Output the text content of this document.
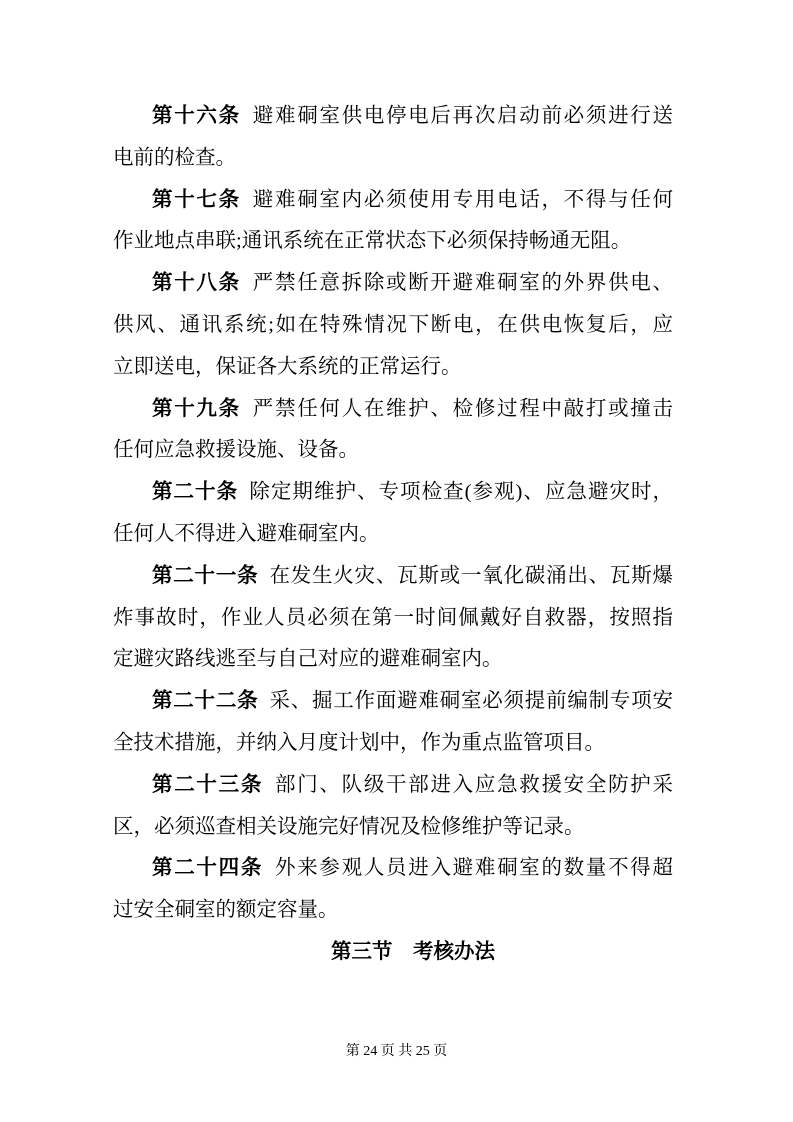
第十六条 避难硐室供电停电后再次启动前必须进行送
电前的检查。
第十七条 避难硐室内必须使用专用电话，不得与任何
作业地点串联;通讯系统在正常状态下必须保持畅通无阻。
第十八条 严禁任意拆除或断开避难硐室的外界供电、
供风、通讯系统;如在特殊情况下断电，在供电恢复后，应
立即送电，保证各大系统的正常运行。
第十九条 严禁任何人在维护、检修过程中敲打或撞击
任何应急救援设施、设备。
第二十条 除定期维护、专项检查(参观)、应急避灾时，
任何人不得进入避难硐室内。
第二十一条 在发生火灾、瓦斯或一氧化碳涌出、瓦斯爆
炸事故时，作业人员必须在第一时间佩戴好自救器，按照指
定避灾路线逃至与自己对应的避难硐室内。
第二十二条 采、掘工作面避难硐室必须提前编制专项安
全技术措施，并纳入月度计划中，作为重点监管项目。
第二十三条 部门、队级干部进入应急救援安全防护采
区，必须巡查相关设施完好情况及检修维护等记录。
第二十四条 外来参观人员进入避难硐室的数量不得超
过安全硐室的额定容量。
第三节　考核办法
第 24 页 共 25 页
